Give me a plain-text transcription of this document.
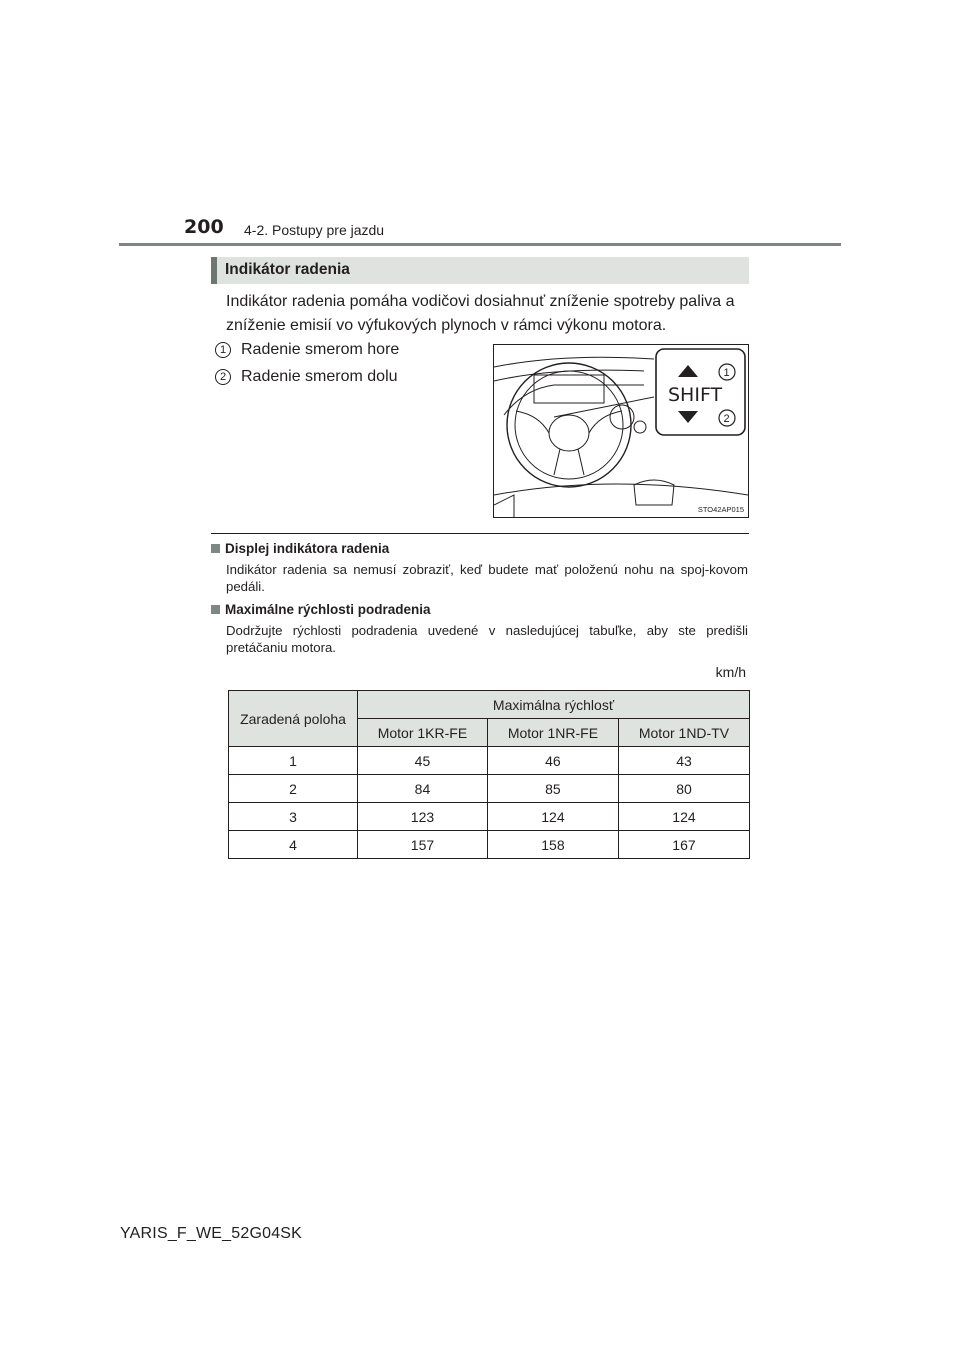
200 4-2. Postupy pre jazdu
Indikátor radenia
Indikátor radenia pomáha vodičovi dosiahnuť zníženie spotreby paliva a zníženie emisií vo výfukových plynoch v rámci výkonu motora.
1 Radenie smerom hore
2 Radenie smerom dolu
SHIFT
1
2
STO42AP015
Displej indikátora radenia
Indikátor radenia sa nemusí zobraziť, keď budete mať položenú nohu na spoj-kovom pedáli.
Maximálne rýchlosti podradenia
Dodržujte rýchlosti podradenia uvedené v nasledujúcej tabuľke, aby ste predišli pretáčaniu motora.
km/h
Zaradená poloha	Maximálna rýchlosť		
	Motor 1KR-FE	Motor 1NR-FE	Motor 1ND-TV
1	45	46	43
2	84	85	80
3	123	124	124
4	157	158	167
YARIS_F_WE_52G04SK
